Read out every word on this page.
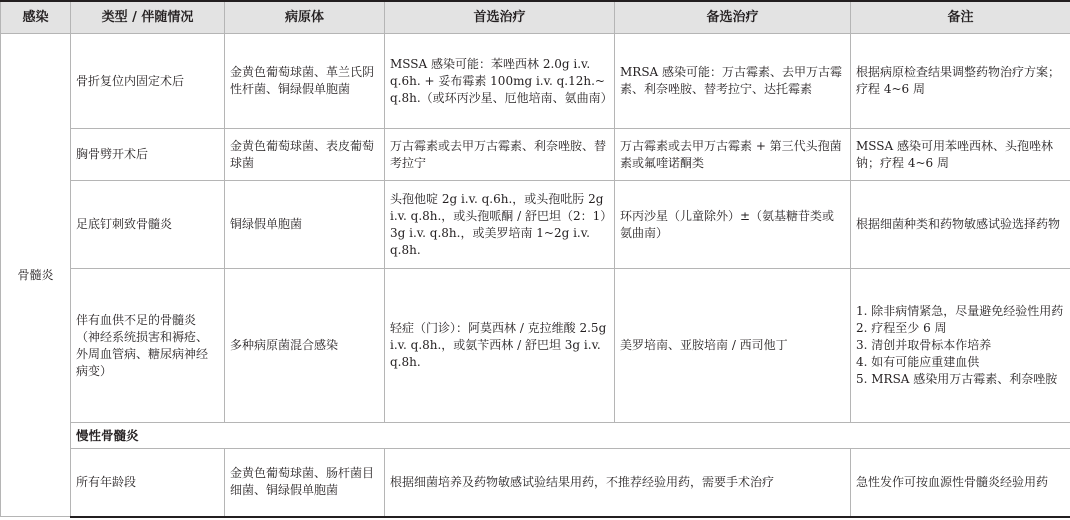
感染	类型 / 伴随情况	病原体	首选治疗	备选治疗	备注
骨髓炎	骨折复位内固定术后	金黄色葡萄球菌、革兰氏阴性杆菌、铜绿假单胞菌	MSSA 感染可能：苯唑西林 2.0g i.v. q.6h. + 妥布霉素 100mg i.v. q.12h.~ q.8h.（或环丙沙星、厄他培南、氨曲南）	MRSA 感染可能：万古霉素、去甲万古霉素、利奈唑胺、替考拉宁、达托霉素	根据病原检查结果调整药物治疗方案；疗程 4~6 周
	胸骨劈开术后	金黄色葡萄球菌、表皮葡萄球菌	万古霉素或去甲万古霉素、利奈唑胺、替考拉宁	万古霉素或去甲万古霉素 + 第三代头孢菌素或氟喹诺酮类	MSSA 感染可用苯唑西林、头孢唑林钠；疗程 4~6 周
	足底钉刺致骨髓炎	铜绿假单胞菌	头孢他啶 2g i.v. q.6h.，或头孢吡肟 2g i.v. q.8h.，或头孢哌酮 / 舒巴坦（2：1）3g i.v. q.8h.，或美罗培南 1~2g i.v. q.8h.	环丙沙星（儿童除外）±（氨基糖苷类或氨曲南）	根据细菌种类和药物敏感试验选择药物
	伴有血供不足的骨髓炎（神经系统损害和褥疮、外周血管病、糖尿病神经病变）	多种病原菌混合感染	轻症（门诊）：阿莫西林 / 克拉维酸 2.5g i.v. q.8h.，或氨苄西林 / 舒巴坦 3g i.v. q.8h.	美罗培南、亚胺培南 / 西司他丁	1. 除非病情紧急，尽量避免经验性用药
2. 疗程至少 6 周
3. 清创并取骨标本作培养
4. 如有可能应重建血供
5. MRSA 感染用万古霉素、利奈唑胺

	慢性骨髓炎				
	所有年龄段	金黄色葡萄球菌、肠杆菌目细菌、铜绿假单胞菌	根据细菌培养及药物敏感试验结果用药，不推荐经验用药，需要手术治疗		急性发作可按血源性骨髓炎经验用药
